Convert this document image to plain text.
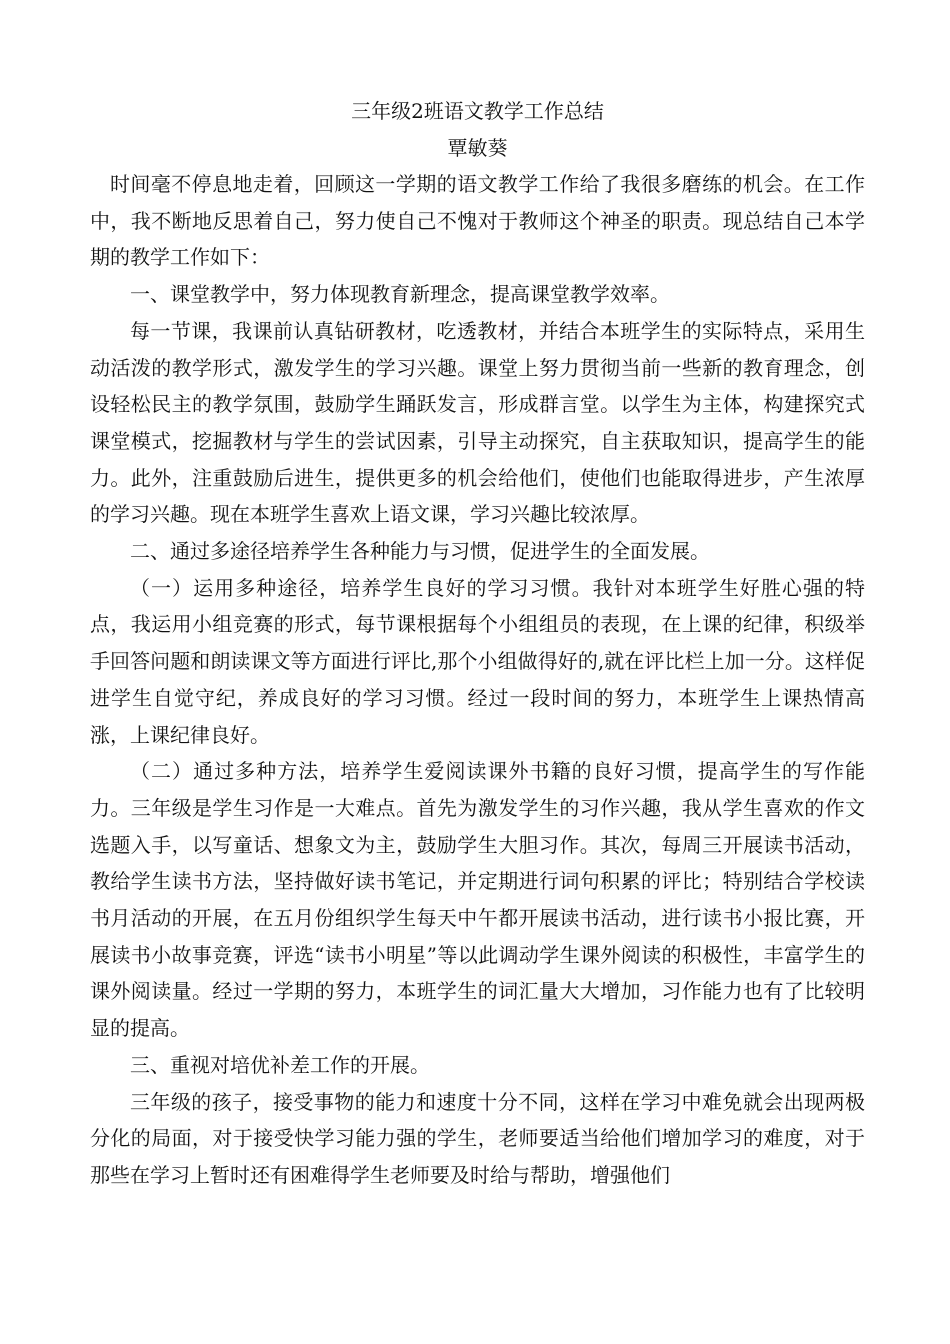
三年级2班语文教学工作总结
覃敏葵

时间毫不停息地走着，回顾这一学期的语文教学工作给了我很多磨练的机会。在工作中，我不断地反思着自己，努力使自己不愧对于教师这个神圣的职责。现总结自己本学期的教学工作如下：

一、课堂教学中，努力体现教育新理念，提高课堂教学效率。

每一节课，我课前认真钻研教材，吃透教材，并结合本班学生的实际特点，采用生动活泼的教学形式，激发学生的学习兴趣。课堂上努力贯彻当前一些新的教育理念，创设轻松民主的教学氛围，鼓励学生踊跃发言，形成群言堂。以学生为主体，构建探究式课堂模式，挖掘教材与学生的尝试因素，引导主动探究，自主获取知识，提高学生的能力。此外，注重鼓励后进生，提供更多的机会给他们，使他们也能取得进步，产生浓厚的学习兴趣。现在本班学生喜欢上语文课，学习兴趣比较浓厚。

二、通过多途径培养学生各种能力与习惯，促进学生的全面发展。

（一）运用多种途径，培养学生良好的学习习惯。我针对本班学生好胜心强的特点，我运用小组竞赛的形式，每节课根据每个小组组员的表现，在上课的纪律，积级举手回答问题和朗读课文等方面进行评比,那个小组做得好的,就在评比栏上加一分。这样促进学生自觉守纪，养成良好的学习习惯。经过一段时间的努力，本班学生上课热情高涨，上课纪律良好。

（二）通过多种方法，培养学生爱阅读课外书籍的良好习惯，提高学生的写作能力。三年级是学生习作是一大难点。首先为激发学生的习作兴趣，我从学生喜欢的作文选题入手，以写童话、想象文为主，鼓励学生大胆习作。其次，每周三开展读书活动，教给学生读书方法，坚持做好读书笔记，并定期进行词句积累的评比；特别结合学校读书月活动的开展，在五月份组织学生每天中午都开展读书活动，进行读书小报比赛，开展读书小故事竞赛，评选“读书小明星”等以此调动学生课外阅读的积极性，丰富学生的课外阅读量。经过一学期的努力，本班学生的词汇量大大增加，习作能力也有了比较明显的提高。

三、重视对培优补差工作的开展。

三年级的孩子，接受事物的能力和速度十分不同，这样在学习中难免就会出现两极分化的局面，对于接受快学习能力强的学生，老师要适当给他们增加学习的难度，对于那些在学习上暂时还有困难得学生老师要及时给与帮助，增强他们
